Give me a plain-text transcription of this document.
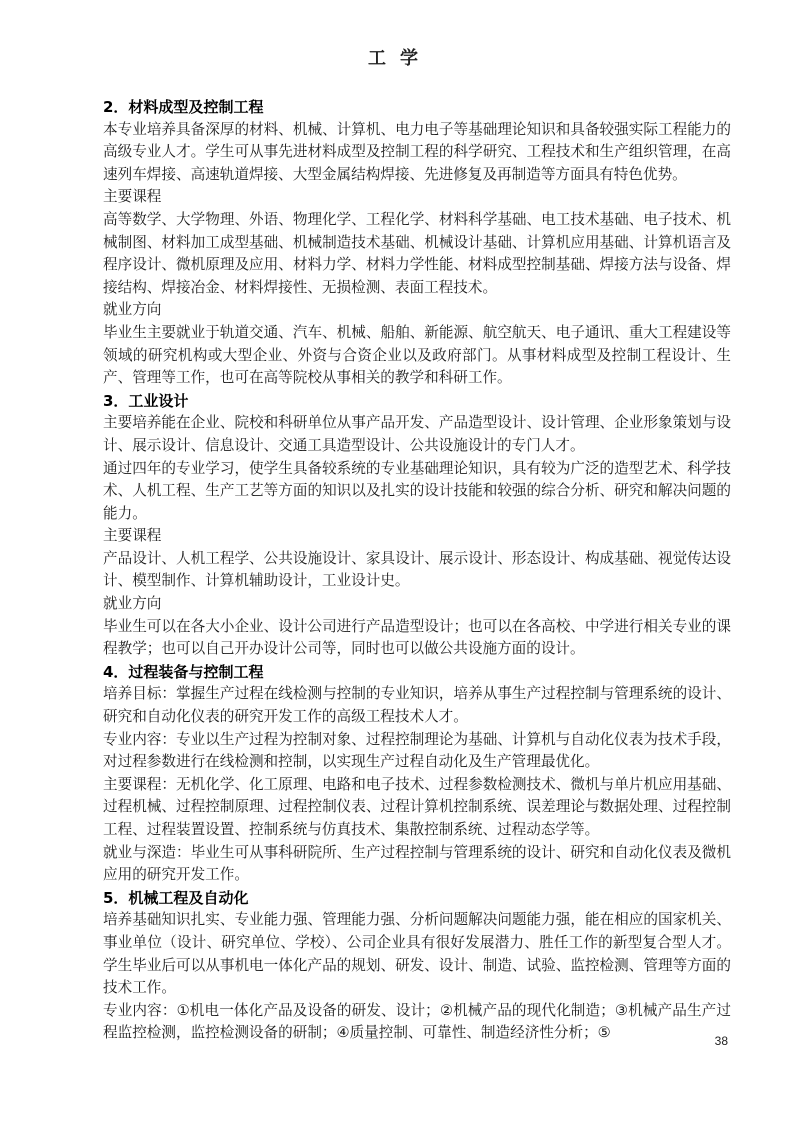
工学
2．材料成型及控制工程

本专业培养具备深厚的材料、机械、计算机、电力电子等基础理论知识和具备较强实际工程能力的高级专业人才。学生可从事先进材料成型及控制工程的科学研究、工程技术和生产组织管理，在高速列车焊接、高速轨道焊接、大型金属结构焊接、先进修复及再制造等方面具有特色优势。

主要课程

高等数学、大学物理、外语、物理化学、工程化学、材料科学基础、电工技术基础、电子技术、机械制图、材料加工成型基础、机械制造技术基础、机械设计基础、计算机应用基础、计算机语言及程序设计、微机原理及应用、材料力学、材料力学性能、材料成型控制基础、焊接方法与设备、焊接结构、焊接冶金、材料焊接性、无损检测、表面工程技术。

就业方向

毕业生主要就业于轨道交通、汽车、机械、船舶、新能源、航空航天、电子通讯、重大工程建设等领域的研究机构或大型企业、外资与合资企业以及政府部门。从事材料成型及控制工程设计、生产、管理等工作，也可在高等院校从事相关的教学和科研工作。

3．工业设计

主要培养能在企业、院校和科研单位从事产品开发、产品造型设计、设计管理、企业形象策划与设计、展示设计、信息设计、交通工具造型设计、公共设施设计的专门人才。

通过四年的专业学习，使学生具备较系统的专业基础理论知识，具有较为广泛的造型艺术、科学技术、人机工程、生产工艺等方面的知识以及扎实的设计技能和较强的综合分析、研究和解决问题的能力。

主要课程

产品设计、人机工程学、公共设施设计、家具设计、展示设计、形态设计、构成基础、视觉传达设计、模型制作、计算机辅助设计，工业设计史。

就业方向

毕业生可以在各大小企业、设计公司进行产品造型设计；也可以在各高校、中学进行相关专业的课程教学；也可以自己开办设计公司等，同时也可以做公共设施方面的设计。

4．过程装备与控制工程

培养目标：掌握生产过程在线检测与控制的专业知识，培养从事生产过程控制与管理系统的设计、研究和自动化仪表的研究开发工作的高级工程技术人才。

专业内容：专业以生产过程为控制对象、过程控制理论为基础、计算机与自动化仪表为技术手段，对过程参数进行在线检测和控制，以实现生产过程自动化及生产管理最优化。

主要课程：无机化学、化工原理、电路和电子技术、过程参数检测技术、微机与单片机应用基础、过程机械、过程控制原理、过程控制仪表、过程计算机控制系统、误差理论与数据处理、过程控制工程、过程装置设置、控制系统与仿真技术、集散控制系统、过程动态学等。

就业与深造：毕业生可从事科研院所、生产过程控制与管理系统的设计、研究和自动化仪表及微机应用的研究开发工作。

5．机械工程及自动化

培养基础知识扎实、专业能力强、管理能力强、分析问题解决问题能力强，能在相应的国家机关、事业单位（设计、研究单位、学校）、公司企业具有很好发展潜力、胜任工作的新型复合型人才。学生毕业后可以从事机电一体化产品的规划、研发、设计、制造、试验、监控检测、管理等方面的技术工作。

专业内容：①机电一体化产品及设备的研发、设计；②机械产品的现代化制造；③机械产品生产过程监控检测，监控检测设备的研制；④质量控制、可靠性、制造经济性分析；⑤	38
